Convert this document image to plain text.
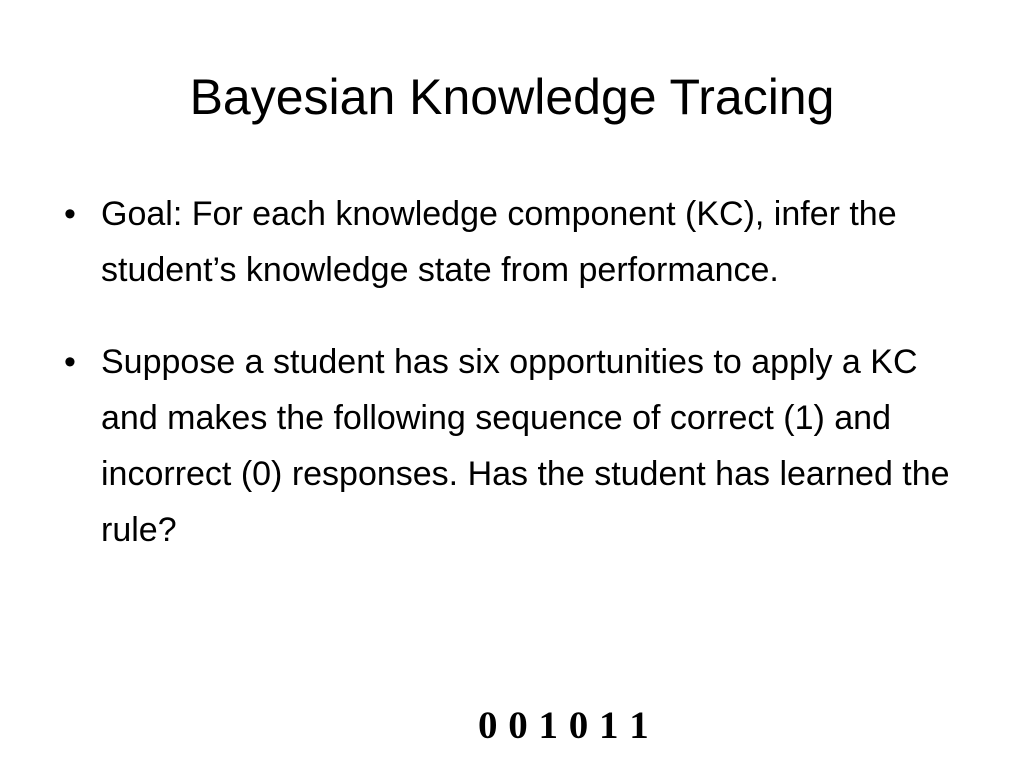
Bayesian Knowledge Tracing
• Goal: For each knowledge component (KC), infer the student’s knowledge state from performance.
• Suppose a student has six opportunities to apply a KC and makes the following sequence of correct (1) and incorrect (0) responses. Has the student has learned the rule?
0 0 1 0 1 1
